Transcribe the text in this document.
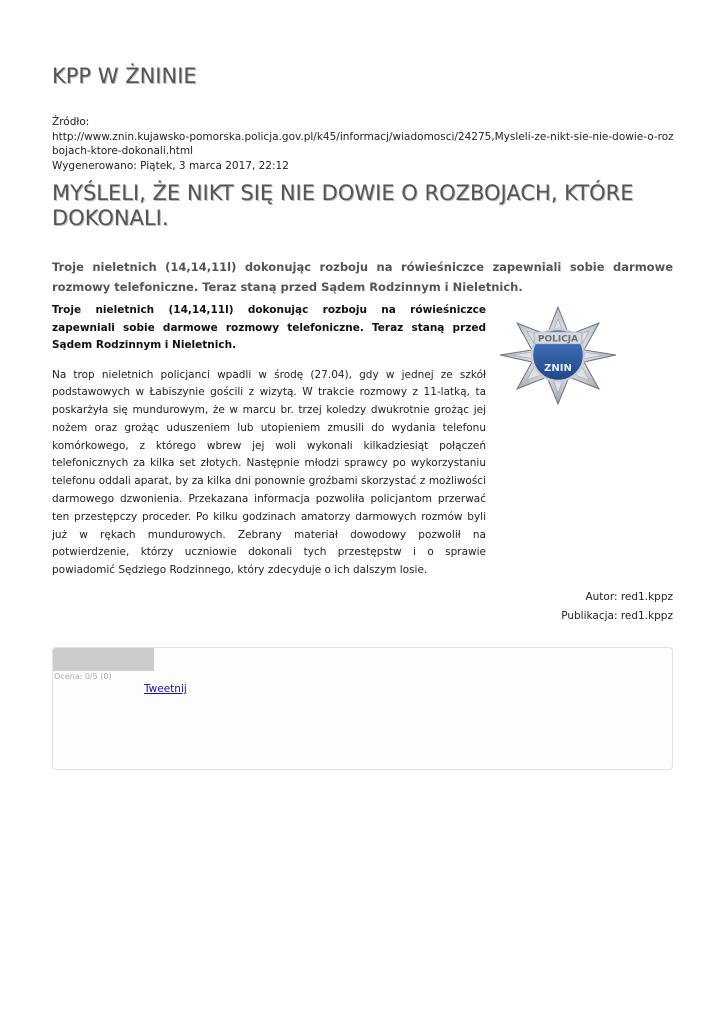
KPP W ŻNINIE
Źródło:
http://www.znin.kujawsko-pomorska.policja.gov.pl/k45/informacj/wiadomosci/24275,Mysleli-ze-nikt-sie-nie-dowie-o-rozbojach-ktore-dokonali.html
Wygenerowano: Piątek, 3 marca 2017, 22:12
MYŚLELI, ŻE NIKT SIĘ NIE DOWIE O ROZBOJACH, KTÓRE DOKONALI.

Troje nieletnich (14,14,11l) dokonując rozboju na rówieśniczce zapewniali sobie darmowe rozmowy telefoniczne. Teraz staną przed Sądem Rodzinnym i Nieletnich.

Troje nieletnich (14,14,11l) dokonując rozboju na rówieśniczce zapewniali sobie darmowe rozmowy telefoniczne. Teraz staną przed Sądem Rodzinnym i Nieletnich.

Na trop nieletnich policjanci wpadli w środę (27.04), gdy w jednej ze szkół podstawowych w Łabiszynie gościli z wizytą. W trakcie rozmowy z 11-latką, ta poskarżyła się mundurowym, że w marcu br. trzej koledzy dwukrotnie grożąc jej nożem oraz grożąc uduszeniem lub utopieniem zmusili do wydania telefonu komórkowego, z którego wbrew jej woli wykonali kilkadziesiąt połączeń telefonicznych za kilka set złotych. Następnie młodzi sprawcy po wykorzystaniu telefonu oddali aparat, by za kilka dni ponownie groźbami skorzystać z możliwości darmowego dzwonienia. Przekazana informacja pozwoliła policjantom przerwać ten przestępczy proceder. Po kilku godzinach amatorzy darmowych rozmów byli już w rękach mundurowych. Zebrany materiał dowodowy pozwolił na potwierdzenie, którzy uczniowie dokonali tych przestępstw i o sprawie powiadomić Sędziego Rodzinnego, który zdecyduje o ich dalszym losie.

POLICJA
ZNIN
Autor: red1.kppz
Publikacja: red1.kppz
Ocena: 0/5 (0)
Tweetnij
